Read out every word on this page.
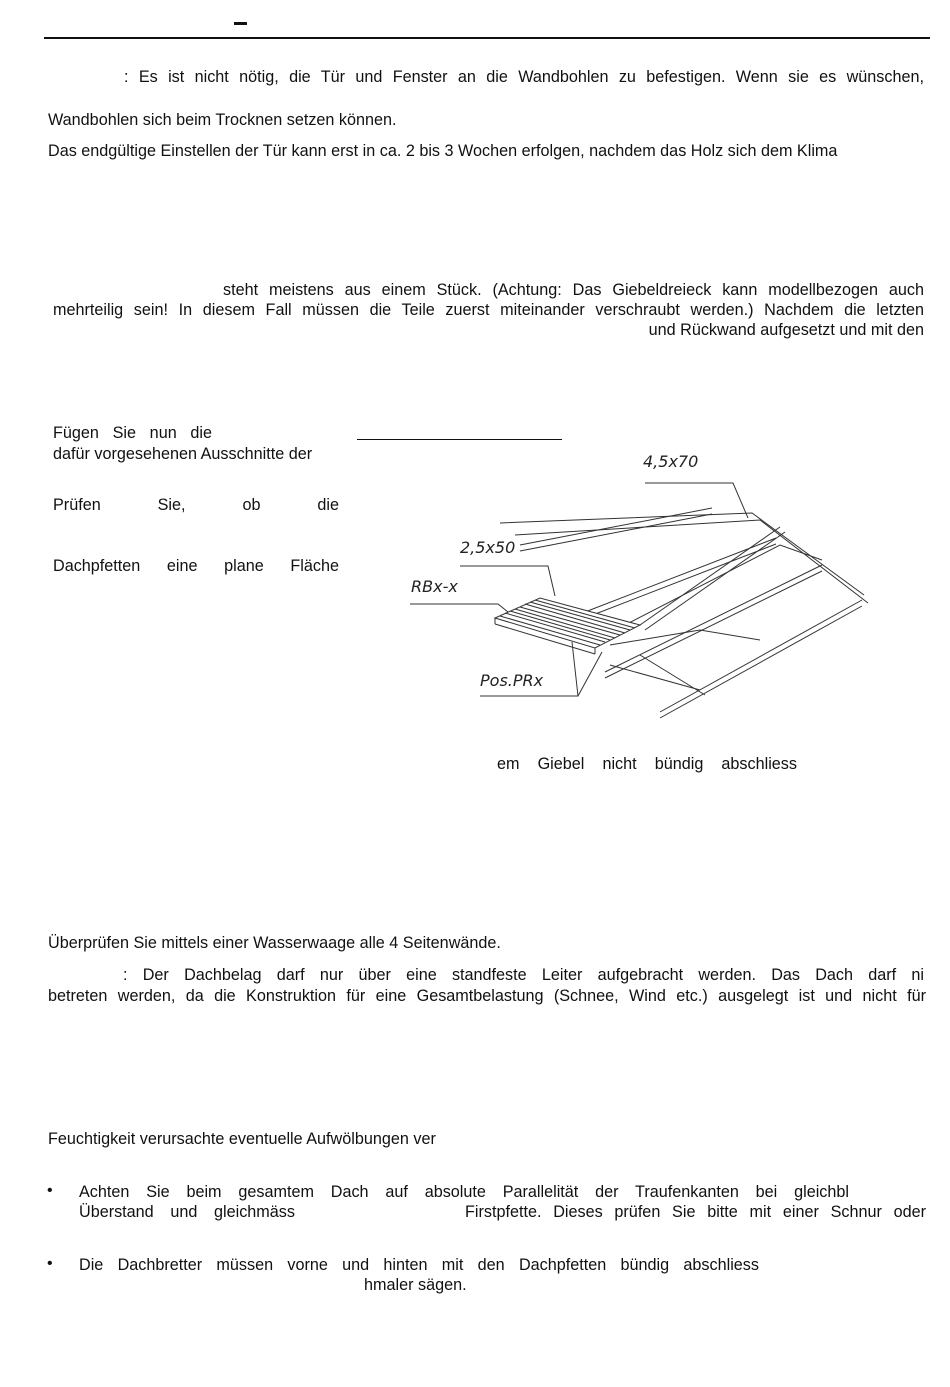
: Es ist nicht nötig, die Tür und Fenster an die Wandbohlen zu befestigen. Wenn sie es wünschen,
Wandbohlen sich beim Trocknen setzen können.
Das endgültige Einstellen der Tür kann erst in ca. 2 bis 3 Wochen erfolgen, nachdem das Holz sich dem Klima
steht meistens aus einem Stück. (Achtung: Das Giebeldreieck kann modellbezogen auch
mehrteilig sein! In diesem Fall müssen die Teile zuerst miteinander verschraubt werden.) Nachdem die letzten
und Rückwand aufgesetzt und mit den
Fügen Sie nun die
dafür vorgesehenen Ausschnitte der
Prüfen Sie, ob die
Dachpfetten eine plane Fläche
4,5x70
2,5x50
RBx-x
Pos.PRx
em Giebel nicht bündig abschliess
Überprüfen Sie mittels einer Wasserwaage alle 4 Seitenwände.
: Der Dachbelag darf nur über eine standfeste Leiter aufgebracht werden. Das Dach darf ni
betreten werden, da die Konstruktion für eine Gesamtbelastung (Schnee, Wind etc.) ausgelegt ist und nicht für
Feuchtigkeit verursachte eventuelle Aufwölbungen ver
• Achten Sie beim gesamtem Dach auf absolute Parallelität der Traufenkanten bei gleichbl
Überstand und gleichmäss	Firstpfette. Dieses prüfen Sie bitte mit einer Schnur oder
• Die Dachbretter müssen vorne und hinten mit den Dachpfetten bündig abschliess
hmaler sägen.
